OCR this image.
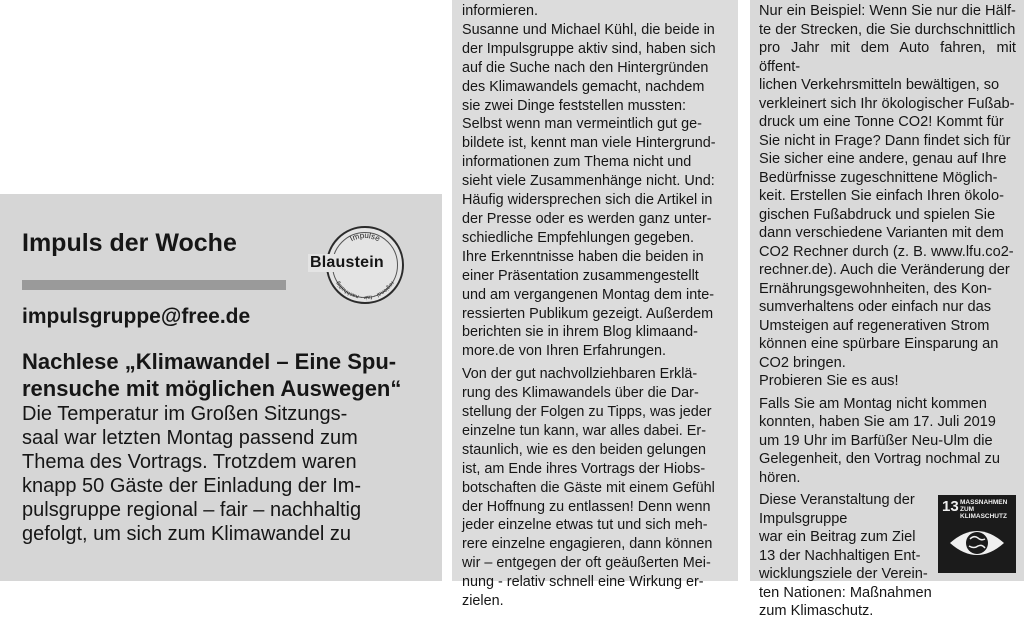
Impuls der Woche
impulsgruppe@free.de
Nachlese „Klimawandel – Eine Spu-
rensuche mit möglichen Auswegen“
Die Temperatur im Großen Sitzungs-
saal war letzten Montag passend zum
Thema des Vortrags. Trotzdem waren
knapp 50 Gäste der Einladung der Im-
pulsgruppe regional – fair – nachhaltig
gefolgt, um sich zum Klimawandel zu
Impulse
regional - fair - nachhaltig
Blaustein

informieren.
Susanne und Michael Kühl, die beide in
der Impulsgruppe aktiv sind, haben sich
auf die Suche nach den Hintergründen
des Klimawandels gemacht, nachdem
sie zwei Dinge feststellen mussten:
Selbst wenn man vermeintlich gut ge-
bildete ist, kennt man viele Hintergrund-
informationen zum Thema nicht und
sieht viele Zusammenhänge nicht. Und:
Häufig widersprechen sich die Artikel in
der Presse oder es werden ganz unter-
schiedliche Empfehlungen gegeben.
Ihre Erkenntnisse haben die beiden in
einer Präsentation zusammengestellt
und am vergangenen Montag dem inte-
ressierten Publikum gezeigt. Außerdem
berichten sie in ihrem Blog klimaand-
more.de von Ihren Erfahrungen.

Von der gut nachvollziehbaren Erklä-
rung des Klimawandels über die Dar-
stellung der Folgen zu Tipps, was jeder
einzelne tun kann, war alles dabei. Er-
staunlich, wie es den beiden gelungen
ist, am Ende ihres Vortrags der Hiobs-
botschaften die Gäste mit einem Gefühl
der Hoffnung zu entlassen! Denn wenn
jeder einzelne etwas tut und sich meh-
rere einzelne engagieren, dann können
wir – entgegen der oft geäußerten Mei-
nung - relativ schnell eine Wirkung er-
zielen.

Nur ein Beispiel: Wenn Sie nur die Hälf-
te der Strecken, die Sie durchschnittlich
pro Jahr mit dem Auto fahren, mit öffent-
lichen Verkehrsmitteln bewältigen, so
verkleinert sich Ihr ökologischer Fußab-
druck um eine Tonne CO2! Kommt für
Sie nicht in Frage? Dann findet sich für
Sie sicher eine andere, genau auf Ihre
Bedürfnisse zugeschnittene Möglich-
keit. Erstellen Sie einfach Ihren ökolo-
gischen Fußabdruck und spielen Sie
dann verschiedene Varianten mit dem
CO2 Rechner durch (z. B. www.lfu.co2-
rechner.de). Auch die Veränderung der
Ernährungsgewohnheiten, des Kon-
sumverhaltens oder einfach nur das
Umsteigen auf regenerativen Strom
können eine spürbare Einsparung an
CO2 bringen.
Probieren Sie es aus!

Falls Sie am Montag nicht kommen
konnten, haben Sie am 17. Juli 2019
um 19 Uhr im Barfüßer Neu-Ulm die
Gelegenheit, den Vortrag nochmal zu
hören.

Diese Veranstaltung der Impulsgruppe
war ein Beitrag zum Ziel
13 der Nachhaltigen Ent-
wicklungsziele der Verein-
ten Nationen: Maßnahmen
zum Klimaschutz.

13 MASSNAHMEN ZUM KLIMASCHUTZ
